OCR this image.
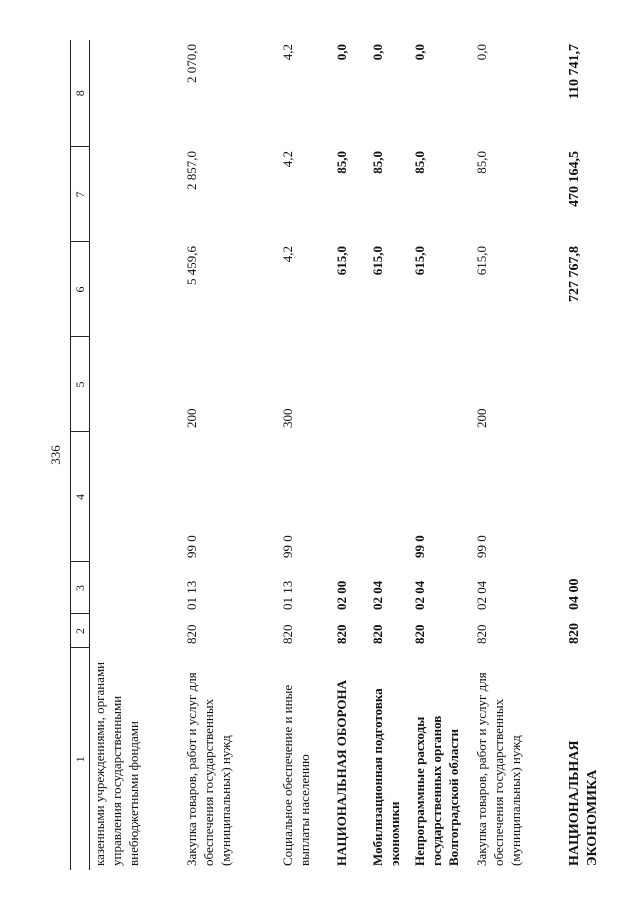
336
1	2	3	4	5	6	7	8
казенными учреждениями, органами управления государственными внебюджетными фондами							
Закупка товаров, работ и услуг для обеспечения государственных (муниципальных) нужд	820	01 13	99 0	200	5 459,6	2 857,0	2 070,0
Социальное обеспечение и иные выплаты населению	820	01 13	99 0	300	4,2	4,2	4,2
НАЦИОНАЛЬНАЯ ОБОРОНА	820	02 00			615,0	85,0	0,0
Мобилизационная подготовка экономики	820	02 04			615,0	85,0	0,0
Непрограммные расходы государственных органов Волгоградской области	820	02 04	99 0		615,0	85,0	0,0
Закупка товаров, работ и услуг для обеспечения государственных (муниципальных) нужд	820	02 04	99 0	200	615,0	85,0	0,0
НАЦИОНАЛЬНАЯ ЭКОНОМИКА	820	04 00			727 767,8	470 164,5	110 741,7
